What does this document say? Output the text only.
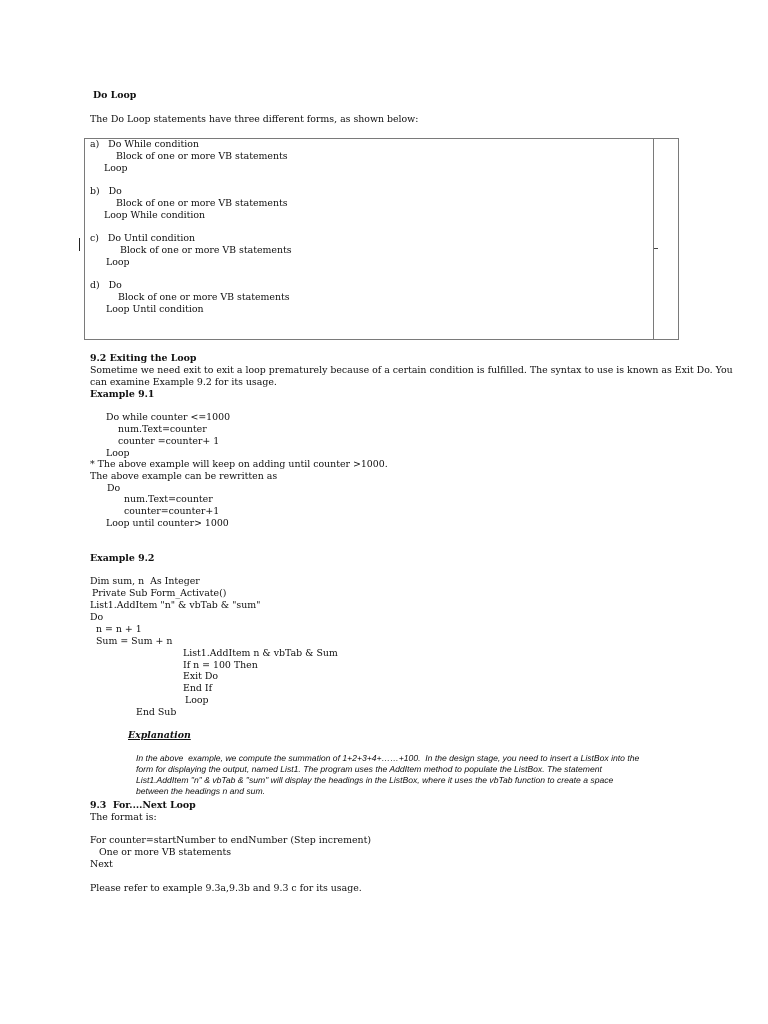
Do Loop
The Do Loop statements have three different forms, as shown below:
a)   Do While condition
Block of one or more VB statements
Loop
b)   Do
Block of one or more VB statements
Loop While condition
c)   Do Until condition
Block of one or more VB statements
Loop
d)   Do
Block of one or more VB statements
Loop Until condition
9.2 Exiting the Loop
Sometime we need exit to exit a loop prematurely because of a certain condition is fulfilled. The syntax to use is known as Exit Do. You
can examine Example 9.2 for its usage.
Example 9.1
Do while counter <=1000
num.Text=counter
counter =counter+ 1
Loop
* The above example will keep on adding until counter >1000.
The above example can be rewritten as
Do
num.Text=counter
counter=counter+1
Loop until counter> 1000
Example 9.2
Dim sum, n  As Integer
Private Sub Form_Activate()
List1.AddItem "n" & vbTab & "sum"
Do
n = n + 1
Sum = Sum + n
List1.AddItem n & vbTab & Sum
If n = 100 Then
Exit Do
End If
Loop
End Sub
Explanation
In the above  example, we compute the summation of 1+2+3+4+……+100.  In the design stage, you need to insert a ListBox into the
form for displaying the output, named List1. The program uses the AddItem method to populate the ListBox. The statement
List1.AddItem "n" & vbTab & "sum" will display the headings in the ListBox, where it uses the vbTab function to create a space
between the headings n and sum.
9.3  For....Next Loop
The format is:
For counter=startNumber to endNumber (Step increment)
One or more VB statements
Next
Please refer to example 9.3a,9.3b and 9.3 c for its usage.
